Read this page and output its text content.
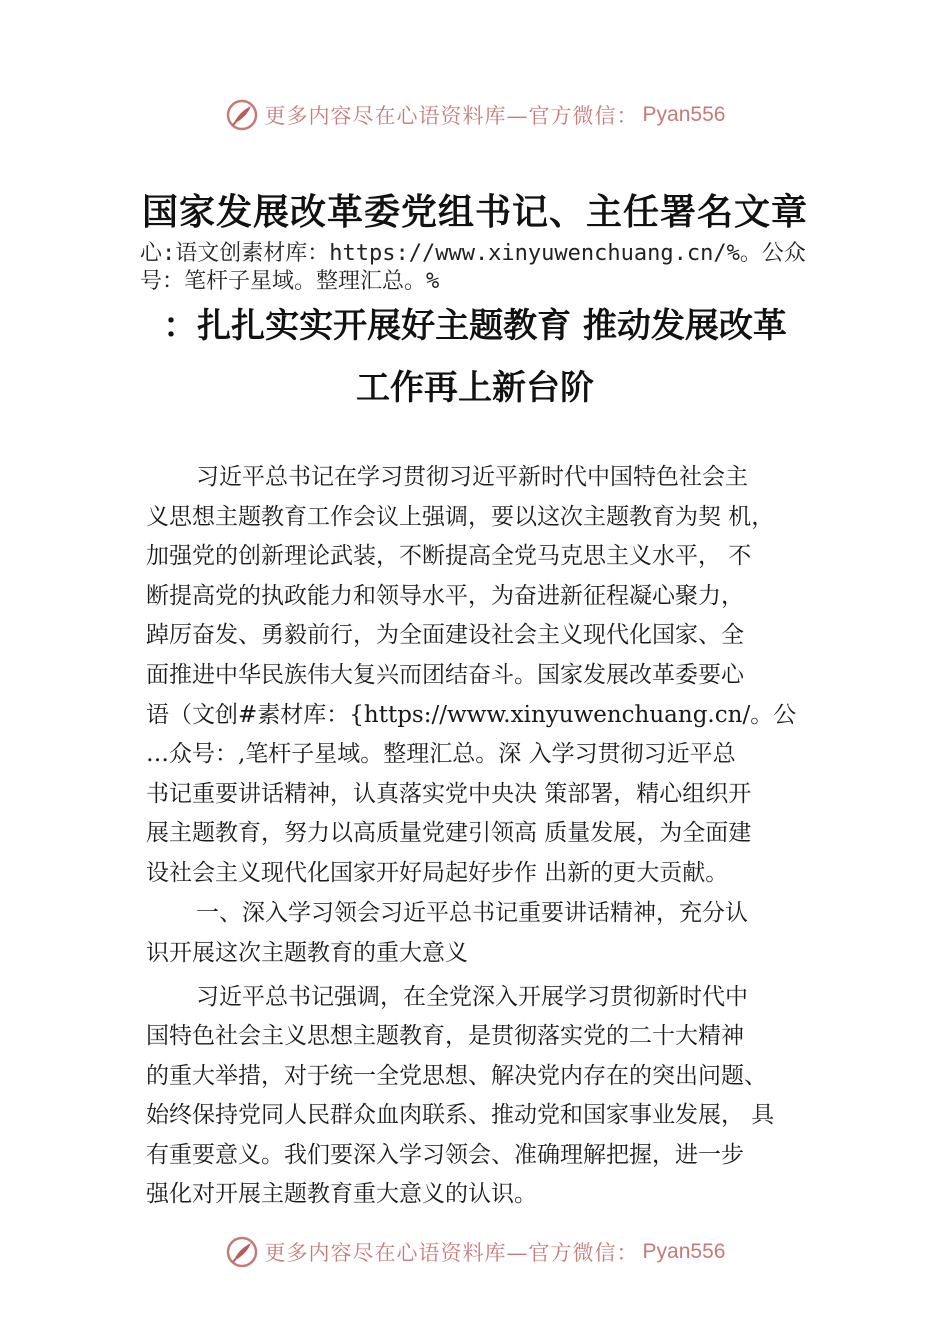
更多内容尽在心语资料库—官方微信： Pyan556
国家发展改革委党组书记、主任署名文章
心:语文创素材库：https://www.xinyuwenchuang.cn/%。公众
号：笔杆子星域。整理汇总。%
：扎扎实实开展好主题教育 推动发展改革
工作再上新台阶
习近平总书记在学习贯彻习近平新时代中国特色社会主
义思想主题教育工作会议上强调，要以这次主题教育为契 机，
加强党的创新理论武装，不断提高全党马克思主义水平， 不
断提高党的执政能力和领导水平，为奋进新征程凝心聚力，
踔厉奋发、勇毅前行，为全面建设社会主义现代化国家、全
面推进中华民族伟大复兴而团结奋斗。国家发展改革委要心
语（文创#素材库：{https://www.xinyuwenchuang.cn/。公
…众号：,笔杆子星域。整理汇总。深 入学习贯彻习近平总
书记重要讲话精神，认真落实党中央决 策部署，精心组织开
展主题教育，努力以高质量党建引领高 质量发展，为全面建
设社会主义现代化国家开好局起好步作 出新的更大贡献。
一、深入学习领会习近平总书记重要讲话精神，充分认
识开展这次主题教育的重大意义
习近平总书记强调，在全党深入开展学习贯彻新时代中
国特色社会主义思想主题教育，是贯彻落实党的二十大精神
的重大举措，对于统一全党思想、解决党内存在的突出问题、
始终保持党同人民群众血肉联系、推动党和国家事业发展， 具
有重要意义。我们要深入学习领会、准确理解把握，进一步
强化对开展主题教育重大意义的认识。
更多内容尽在心语资料库—官方微信： Pyan556
